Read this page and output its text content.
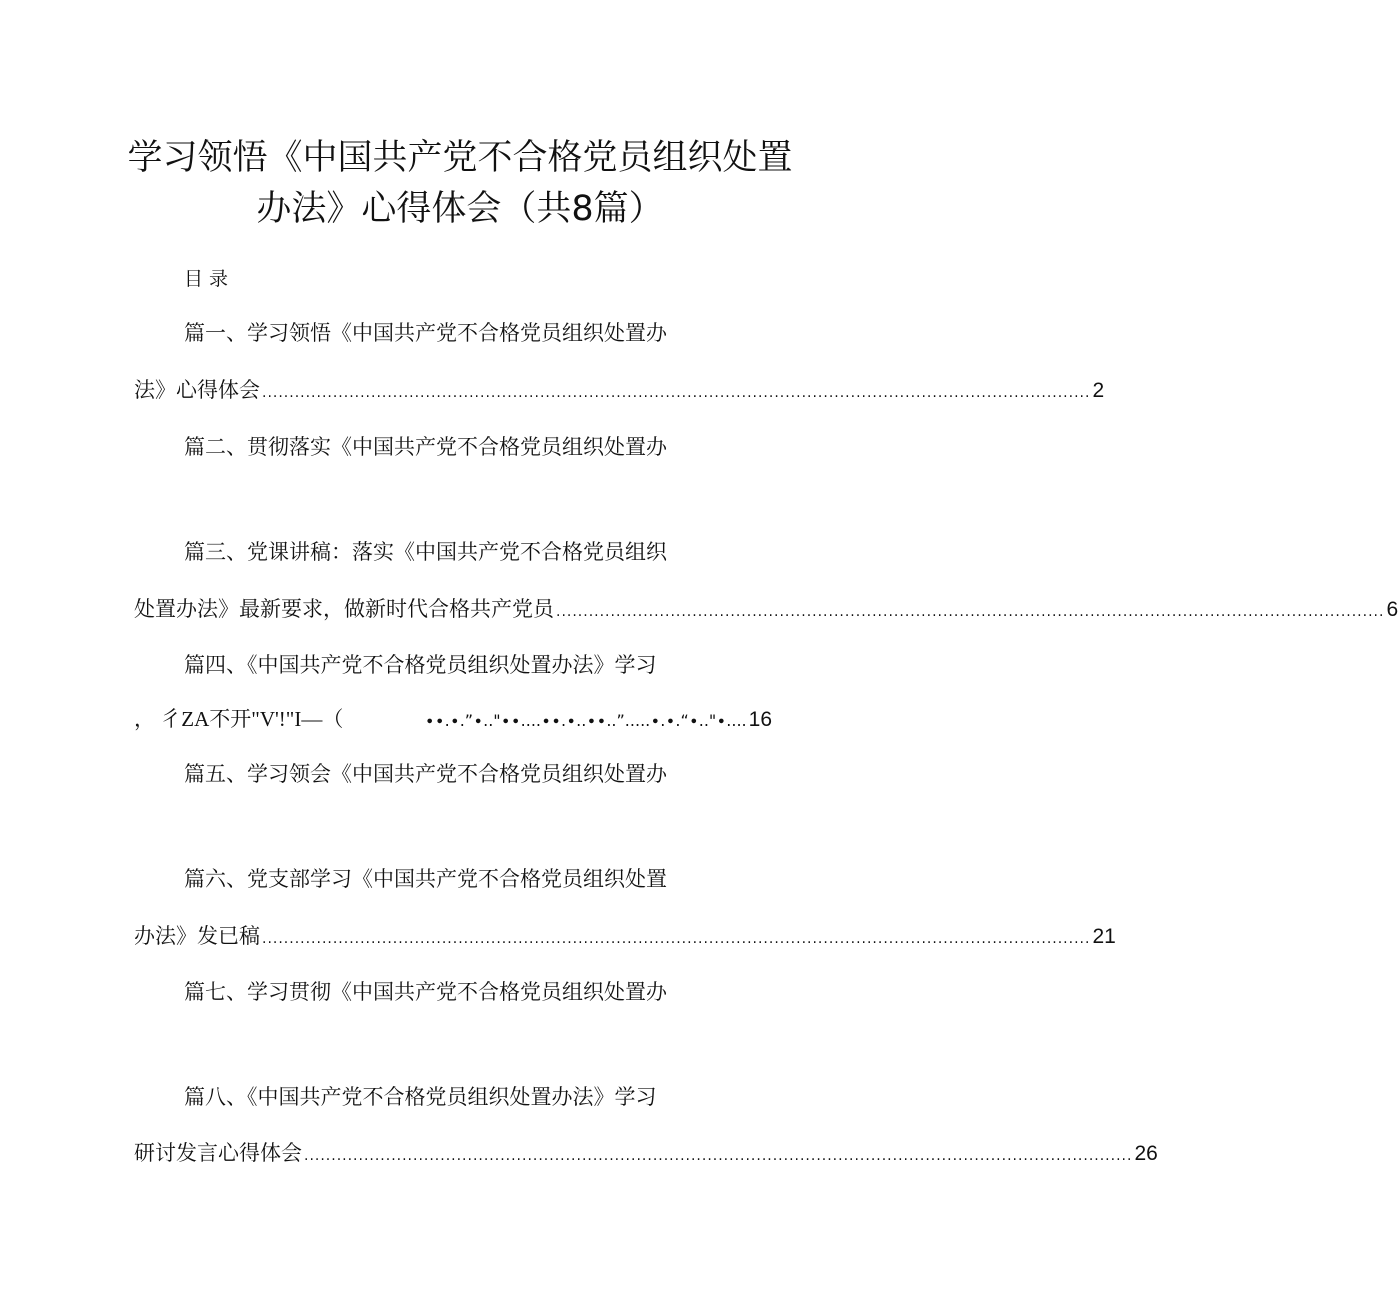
学习领悟《中国共产党不合格党员组织处置
办法》心得体会（共8篇）
目录
篇一、学习领悟《中国共产党不合格党员组织处置办
法》心得体会 ........................................................................................................................................................ 2
篇二、贯彻落实《中国共产党不合格党员组织处置办
篇三、党课讲稿：落实《中国共产党不合格党员组织
处置办法》最新要求，做新时代合格共产党员 ........................................................................................................................................................ 6
篇四、《中国共产党不合格党员组织处置办法》学习
， 彳ZA不开"V'!"I—（	∙∙.∙.”∙.."∙∙....∙∙.∙..∙∙..”.....∙.∙.“∙.."∙.... 16
篇五、学习领会《中国共产党不合格党员组织处置办
篇六、党支部学习《中国共产党不合格党员组织处置
办法》发已稿 ........................................................................................................................................................ 21
篇七、学习贯彻《中国共产党不合格党员组织处置办
篇八、《中国共产党不合格党员组织处置办法》学习
研讨发言心得体会 ........................................................................................................................................................ 26
